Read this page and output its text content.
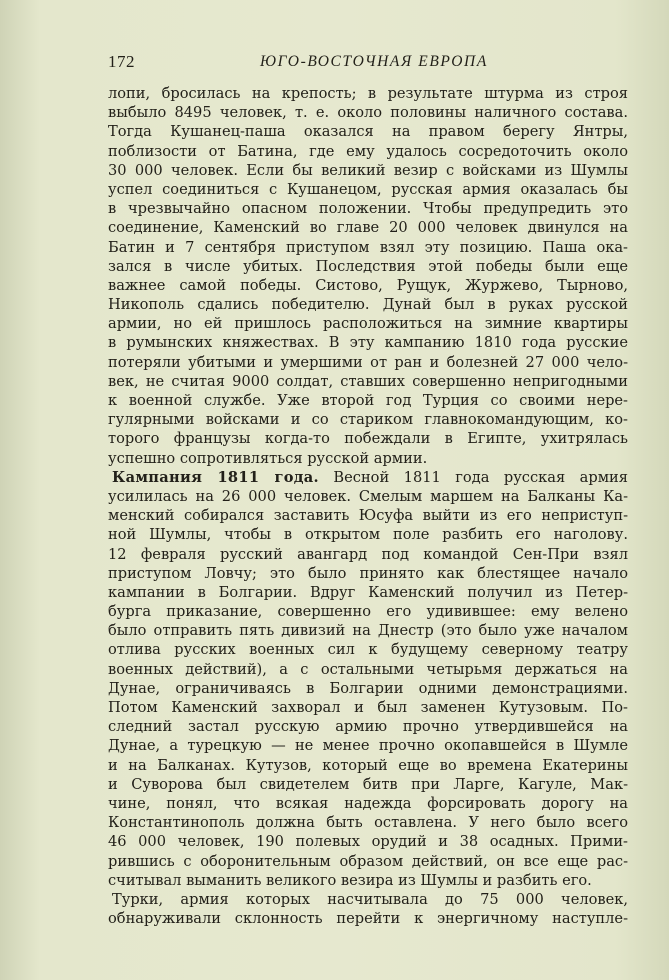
172	ЮГО-ВОСТОЧНАЯ ЕВРОПА
лопи, бросилась на крепость; в результате штурма из строя
выбыло 8495 человек, т. е. около половины наличного состава.
Тогда Кушанец-паша оказался на правом берегу Янтры,
поблизости от Батина, где ему удалось сосредоточить около
30 000 человек. Если бы великий везир с войсками из Шумлы
успел соединиться с Кушанецом, русская армия оказалась бы
в чрезвычайно опасном положении. Чтобы предупредить это
соединение, Каменский во главе 20 000 человек двинулся на
Батин и 7 сентября приступом взял эту позицию. Паша ока-
зался в числе убитых. Последствия этой победы были еще
важнее самой победы. Систово, Рущук, Журжево, Тырново,
Никополь сдались победителю. Дунай был в руках русской
армии, но ей пришлось расположиться на зимние квартиры
в румынских княжествах. В эту кампанию 1810 года русские
потеряли убитыми и умершими от ран и болезней 27 000 чело-
век, не считая 9000 солдат, ставших совершенно непригодными
к военной службе. Уже второй год Турция со своими нере-
гулярными войсками и со стариком главнокомандующим, ко-
торого французы когда-то побеждали в Египте, ухитрялась
успешно сопротивляться русской армии.
Кампания 1811 года. Весной 1811 года русская армия
усилилась на 26 000 человек. Смелым маршем на Балканы Ка-
менский собирался заставить Юсуфа выйти из его неприступ-
ной Шумлы, чтобы в открытом поле разбить его наголову.
12 февраля русский авангард под командой Сен-При взял
приступом Ловчу; это было принято как блестящее начало
кампании в Болгарии. Вдруг Каменский получил из Петер-
бурга приказание, совершенно его удивившее: ему велено
было отправить пять дивизий на Днестр (это было уже началом
отлива русских военных сил к будущему северному театру
военных действий), а с остальными четырьмя держаться на
Дунае, ограничиваясь в Болгарии одними демонстрациями.
Потом Каменский захворал и был заменен Кутузовым. По-
следний застал русскую армию прочно утвердившейся на
Дунае, а турецкую — не менее прочно окопавшейся в Шумле
и на Балканах. Кутузов, который еще во времена Екатерины
и Суворова был свидетелем битв при Ларге, Кагуле, Мак-
чине, понял, что всякая надежда форсировать дорогу на
Константинополь должна быть оставлена. У него было всего
46 000 человек, 190 полевых орудий и 38 осадных. Прими-
рившись с оборонительным образом действий, он все еще рас-
считывал выманить великого везира из Шумлы и разбить его.
Турки, армия которых насчитывала до 75 000 человек,
обнаруживали склонность перейти к энергичному наступле-
